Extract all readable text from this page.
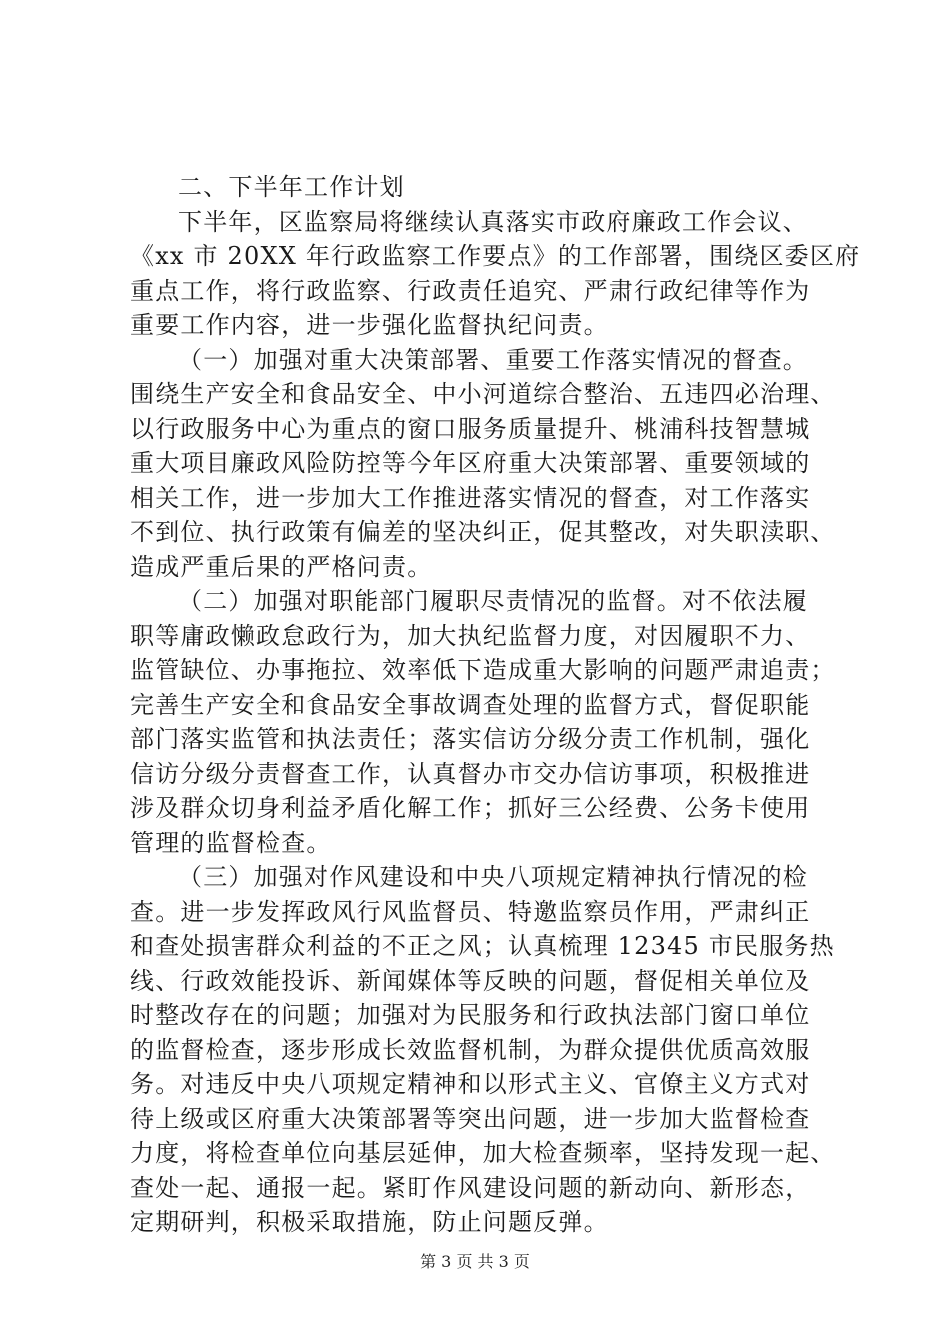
二、下半年工作计划
下半年，区监察局将继续认真落实市政府廉政工作会议、
《xx 市 20XX 年行政监察工作要点》的工作部署，围绕区委区府
重点工作，将行政监察、行政责任追究、严肃行政纪律等作为
重要工作内容，进一步强化监督执纪问责。
（一）加强对重大决策部署、重要工作落实情况的督查。
围绕生产安全和食品安全、中小河道综合整治、五违四必治理、
以行政服务中心为重点的窗口服务质量提升、桃浦科技智慧城
重大项目廉政风险防控等今年区府重大决策部署、重要领域的
相关工作，进一步加大工作推进落实情况的督查，对工作落实
不到位、执行政策有偏差的坚决纠正，促其整改，对失职渎职、
造成严重后果的严格问责。
（二）加强对职能部门履职尽责情况的监督。对不依法履
职等庸政懒政怠政行为，加大执纪监督力度，对因履职不力、
监管缺位、办事拖拉、效率低下造成重大影响的问题严肃追责；
完善生产安全和食品安全事故调查处理的监督方式，督促职能
部门落实监管和执法责任；落实信访分级分责工作机制，强化
信访分级分责督查工作，认真督办市交办信访事项，积极推进
涉及群众切身利益矛盾化解工作；抓好三公经费、公务卡使用
管理的监督检查。
（三）加强对作风建设和中央八项规定精神执行情况的检
查。进一步发挥政风行风监督员、特邀监察员作用，严肃纠正
和查处损害群众利益的不正之风；认真梳理 12345 市民服务热
线、行政效能投诉、新闻媒体等反映的问题，督促相关单位及
时整改存在的问题；加强对为民服务和行政执法部门窗口单位
的监督检查，逐步形成长效监督机制，为群众提供优质高效服
务。对违反中央八项规定精神和以形式主义、官僚主义方式对
待上级或区府重大决策部署等突出问题，进一步加大监督检查
力度，将检查单位向基层延伸，加大检查频率，坚持发现一起、
查处一起、通报一起。紧盯作风建设问题的新动向、新形态，
定期研判，积极采取措施，防止问题反弹。
第 3 页 共 3 页
